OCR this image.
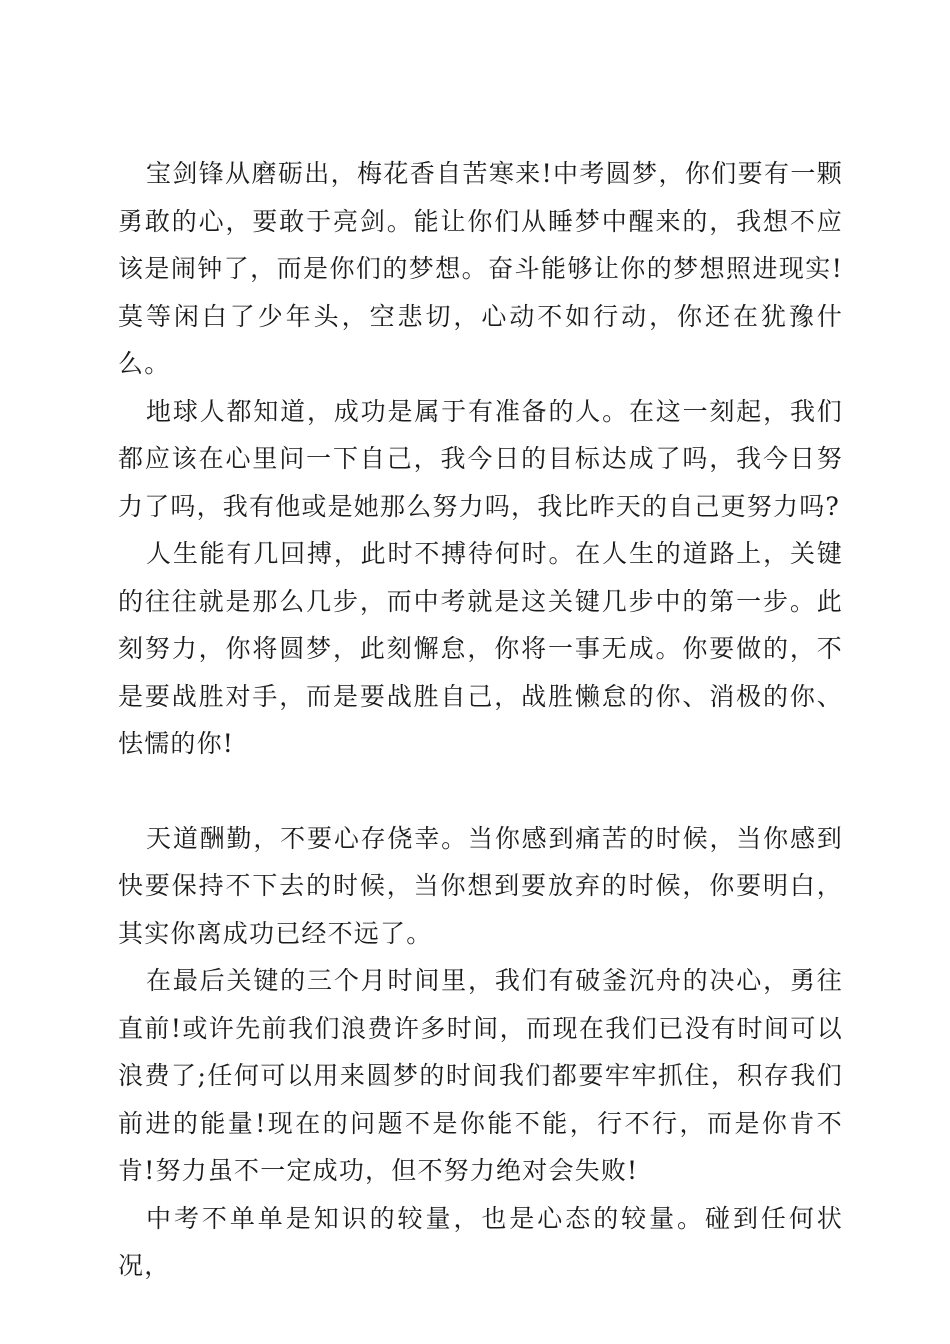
宝剑锋从磨砺出，梅花香自苦寒来!中考圆梦，你们要有一颗勇敢的心，要敢于亮剑。能让你们从睡梦中醒来的，我想不应该是闹钟了，而是你们的梦想。奋斗能够让你的梦想照进现实!莫等闲白了少年头，空悲切，心动不如行动，你还在犹豫什么。

地球人都知道，成功是属于有准备的人。在这一刻起，我们都应该在心里问一下自己，我今日的目标达成了吗，我今日努力了吗，我有他或是她那么努力吗，我比昨天的自己更努力吗?

人生能有几回搏，此时不搏待何时。在人生的道路上，关键的往往就是那么几步，而中考就是这关键几步中的第一步。此刻努力，你将圆梦，此刻懈怠，你将一事无成。你要做的，不是要战胜对手，而是要战胜自己，战胜懒怠的你、消极的你、怯懦的你!

天道酬勤，不要心存侥幸。当你感到痛苦的时候，当你感到快要保持不下去的时候，当你想到要放弃的时候，你要明白，其实你离成功已经不远了。

在最后关键的三个月时间里，我们有破釜沉舟的决心，勇往直前!或许先前我们浪费许多时间，而现在我们已没有时间可以浪费了;任何可以用来圆梦的时间我们都要牢牢抓住，积存我们前进的能量!现在的问题不是你能不能，行不行，而是你肯不肯!努力虽不一定成功，但不努力绝对会失败!

中考不单单是知识的较量，也是心态的较量。碰到任何状况，
